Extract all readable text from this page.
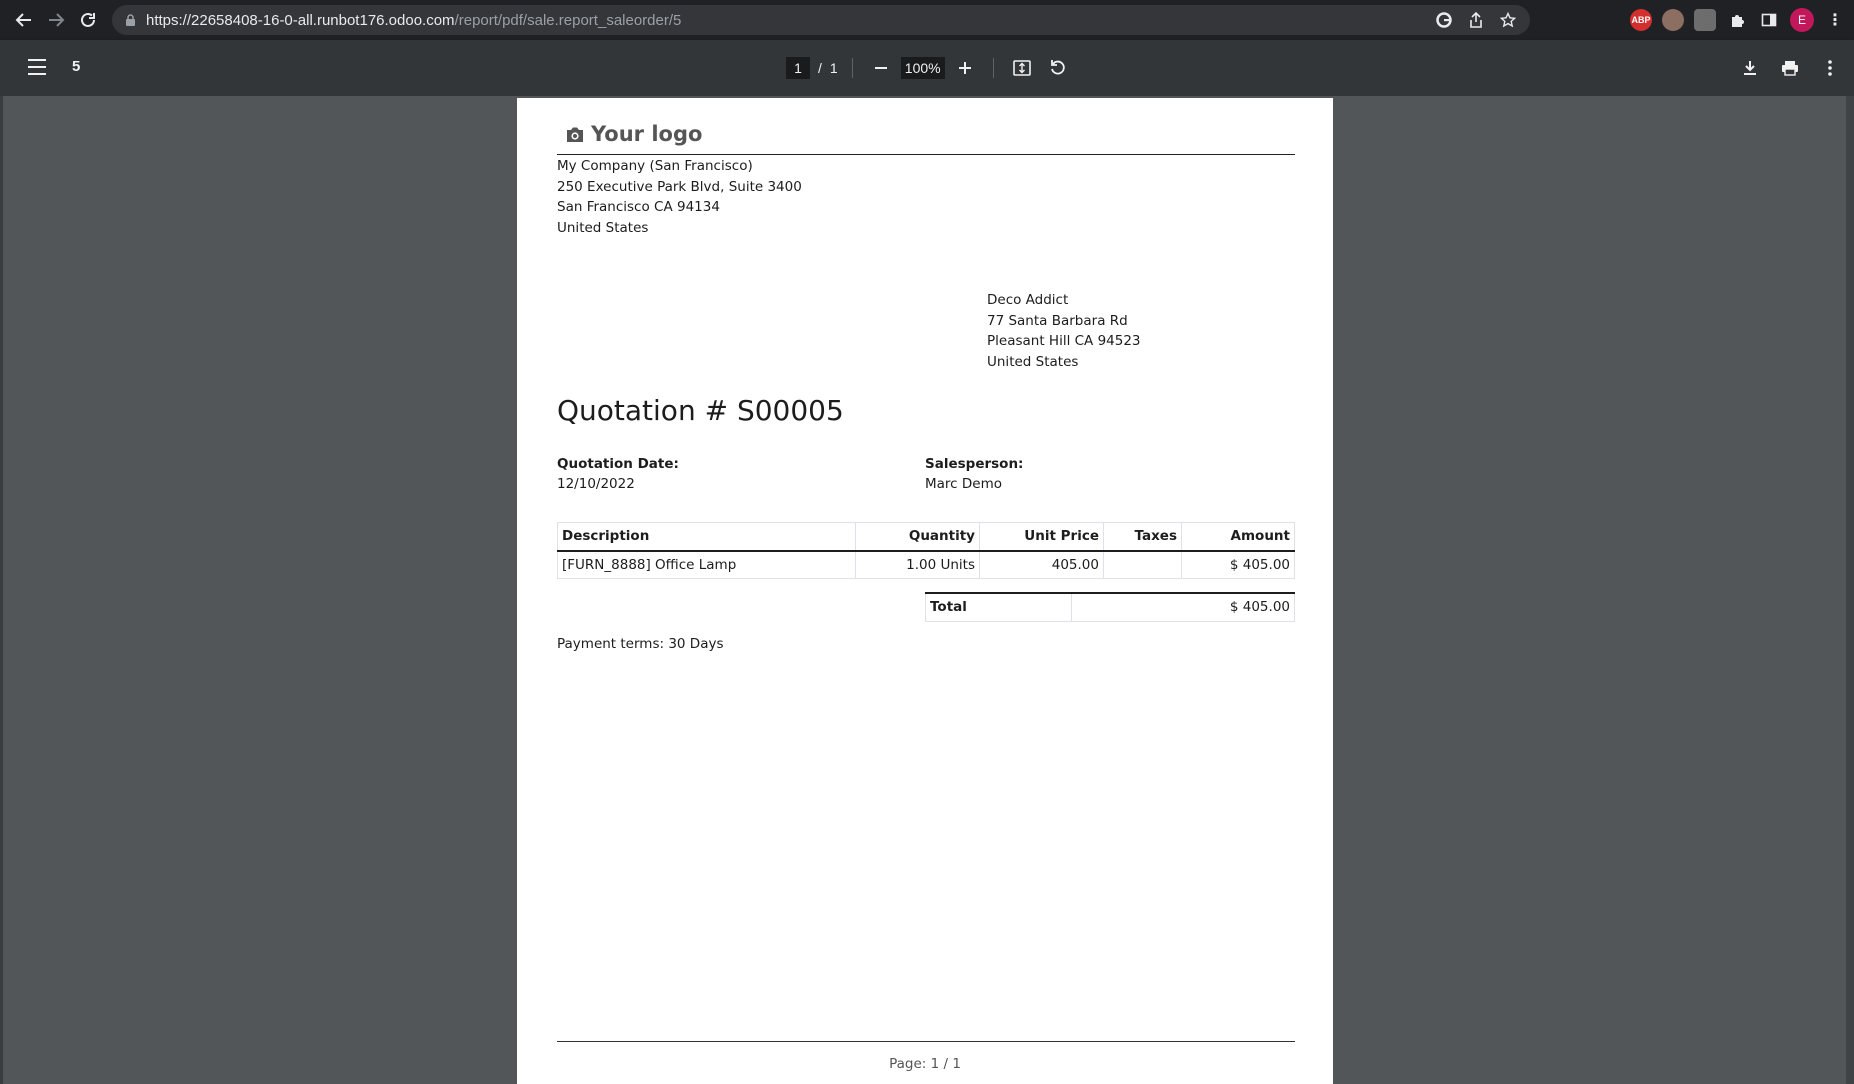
https://22658408-16-0-all.runbot176.odoo.com/report/pdf/sale.report_saleorder/5	ABP	E	⋮
5	1	/ 1	100%
Your logo
My Company (San Francisco)
250 Executive Park Blvd, Suite 3400
San Francisco CA 94134
United States
Deco Addict
77 Santa Barbara Rd
Pleasant Hill CA 94523
United States
Quotation # S00005
Quotation Date:
12/10/2022
Salesperson:
Marc Demo
Description	Quantity	Unit Price	Taxes	Amount
[FURN_8888] Office Lamp	1.00 Units	405.00		$ 405.00
Total	$ 405.00
Payment terms: 30 Days
Page: 1 / 1
